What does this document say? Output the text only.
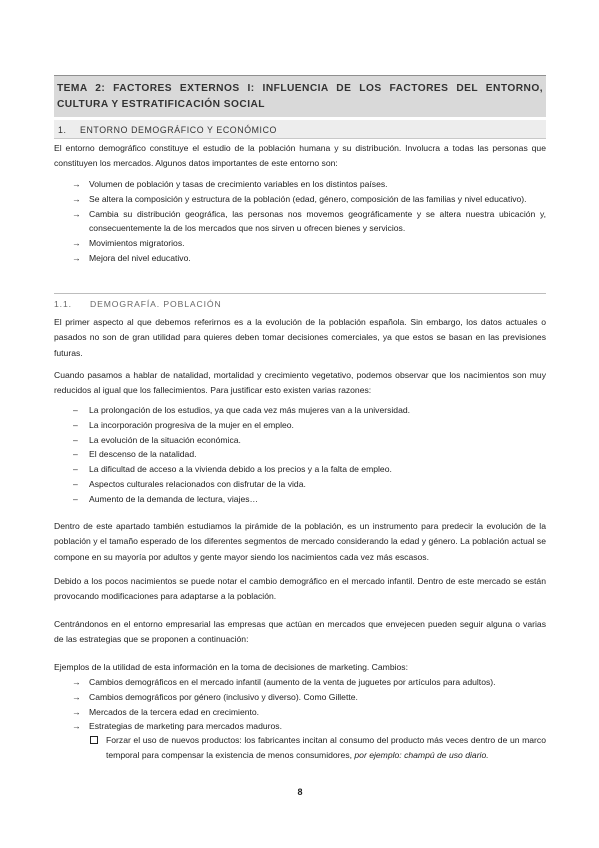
TEMA 2: FACTORES EXTERNOS I: INFLUENCIA DE LOS FACTORES DEL ENTORNO, CULTURA Y ESTRATIFICACIÓN SOCIAL
1. ENTORNO DEMOGRÁFICO Y ECONÓMICO

El entorno demográfico constituye el estudio de la población humana y su distribución. Involucra a todas las personas que constituyen los mercados. Algunos datos importantes de este entorno son:

→ Volumen de población y tasas de crecimiento variables en los distintos países.
→ Se altera la composición y estructura de la población (edad, género, composición de las familias y nivel educativo).
→ Cambia su distribución geográfica, las personas nos movemos geográficamente y se altera nuestra ubicación y, consecuentemente la de los mercados que nos sirven u ofrecen bienes y servicios.
→ Movimientos migratorios.
→ Mejora del nivel educativo.
1.1. DEMOGRAFÍA. POBLACIÓN

El primer aspecto al que debemos referirnos es a la evolución de la población española. Sin embargo, los datos actuales o pasados no son de gran utilidad para quieres deben tomar decisiones comerciales, ya que estos se basan en las previsiones futuras.

Cuando pasamos a hablar de natalidad, mortalidad y crecimiento vegetativo, podemos observar que los nacimientos son muy reducidos al igual que los fallecimientos. Para justificar esto existen varias razones:

– La prolongación de los estudios, ya que cada vez más mujeres van a la universidad.
– La incorporación progresiva de la mujer en el empleo.
– La evolución de la situación económica.
– El descenso de la natalidad.
– La dificultad de acceso a la vivienda debido a los precios y a la falta de empleo.
– Aspectos culturales relacionados con disfrutar de la vida.
– Aumento de la demanda de lectura, viajes…

Dentro de este apartado también estudiamos la pirámide de la población, es un instrumento para predecir la evolución de la población y el tamaño esperado de los diferentes segmentos de mercado considerando la edad y género. La población actual se compone en su mayoría por adultos y gente mayor siendo los nacimientos cada vez más escasos.

Debido a los pocos nacimientos se puede notar el cambio demográfico en el mercado infantil. Dentro de este mercado se están provocando modificaciones para adaptarse a la población.

Centrándonos en el entorno empresarial las empresas que actúan en mercados que envejecen pueden seguir alguna o varias de las estrategias que se proponen a continuación:

Ejemplos de la utilidad de esta información en la toma de decisiones de marketing. Cambios:

→ Cambios demográficos en el mercado infantil (aumento de la venta de juguetes por artículos para adultos).
→ Cambios demográficos por género (inclusivo y diverso). Como Gillette.
→ Mercados de la tercera edad en crecimiento.
→ Estrategias de marketing para mercados maduros.
Forzar el uso de nuevos productos: los fabricantes incitan al consumo del producto más veces dentro de un marco temporal para compensar la existencia de menos consumidores, por ejemplo: champú de uso diario.
8
